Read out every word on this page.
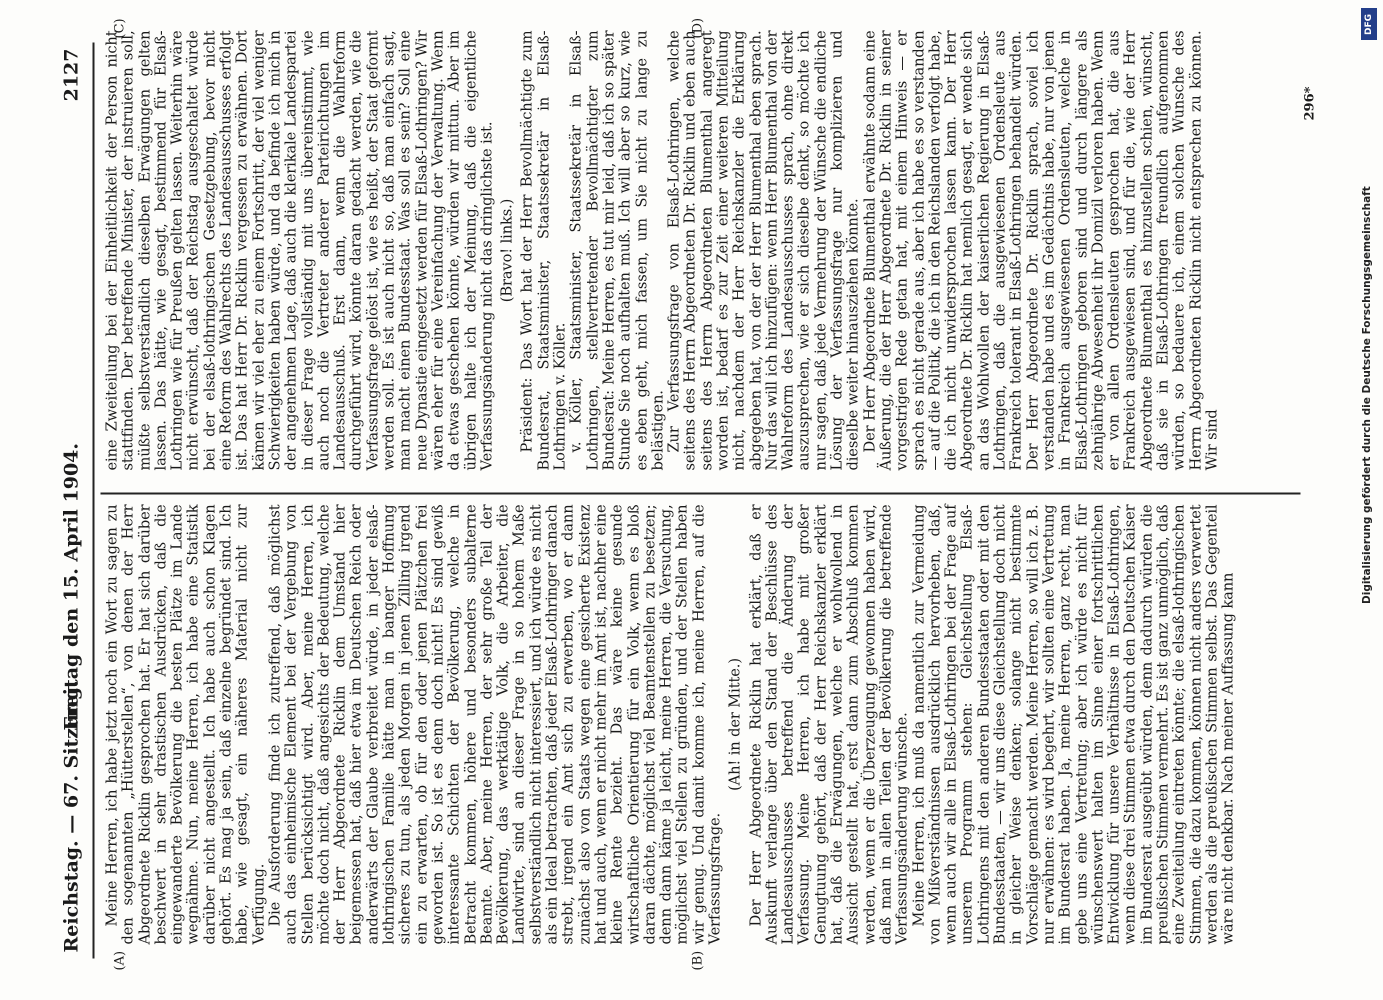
Reichstag. — 67. Sitzung.
Freitag den 15. April 1904.
2127
(A)	(B)
(C)	(D)

Meine Herren, ich habe jetzt noch ein Wort zu sagen zu den sogenannten „Hütterstellen“, von denen der Herr Abgeordnete Ricklin gesprochen hat. Er hat sich darüber beschwert in sehr drastischen Ausdrücken, daß die eingewanderte Bevölkerung die besten Plätze im Lande wegnähme. Nun, meine Herren, ich habe eine Statistik darüber nicht angestellt. Ich habe auch schon Klagen gehört. Es mag ja sein, daß einzelne begründet sind. Ich habe, wie gesagt, ein näheres Material nicht zur Verfügung. Die Ausforderung finde ich zutreffend, daß möglichst auch das einheimische Element bei der Vergebung von Stellen berücksichtigt wird. Aber, meine Herren, ich möchte doch nicht, daß angesichts der Bedeutung, welche der Herr Abgeordnete Ricklin dem Umstand hier beigemessen hat, daß hier etwa im Deutschen Reich oder anderwärts der Glaube verbreitet würde, in jeder elsaß-lothringischen Familie hätte man in banger Hoffnung sicheres zu tun, als jeden Morgen in jenen Zilling irgend ein zu erwarten, ob für den oder jenen Plätzchen frei geworden ist. So ist es denn doch nicht! Es sind gewiß interessante Schichten der Bevölkerung, welche in Betracht kommen, höhere und besonders subalterne Beamte. Aber, meine Herren, der sehr große Teil der Bevölkerung, das werktätige Volk, die Arbeiter, die Landwirte, sind an dieser Frage in so hohem Maße selbstverständlich nicht interessiert, und ich würde es nicht als ein Ideal betrachten, daß jeder Elsaß-Lothringer danach strebt, irgend ein Amt sich zu erwerben, wo er dann zunächst also von Staats wegen eine gesicherte Existenz hat und auch, wenn er nicht mehr im Amt ist, nachher eine kleine Rente bezieht. Das wäre keine gesunde wirtschaftliche Orientierung für ein Volk, wenn es bloß daran dächte, möglichst viel Beamtenstellen zu besetzen; denn dann käme ja leicht, meine Herren, die Versuchung, möglichst viel Stellen zu gründen, und der Stellen haben wir genug. Und damit komme ich, meine Herren, auf die Verfassungsfrage.

(Ah! in der Mitte.) Der Herr Abgeordnete Ricklin hat erklärt, daß er Auskunft verlange über den Stand der Beschlüsse des Landesausschusses betreffend die Änderung der Verfassung. Meine Herren, ich habe mit großer Genugtuung gehört, daß der Herr Reichskanzler erklärt hat, daß die Erwägungen, welche er wohlwollend in Aussicht gestellt hat, erst dann zum Abschluß kommen werden, wenn er die Überzeugung gewonnen haben wird, daß man in allen Teilen der Bevölkerung die betreffende Verfassungsänderung wünsche. Meine Herren, ich muß da namentlich zur Vermeidung von Mißverständnissen ausdrücklich hervorheben, daß, wenn auch wir alle in Elsaß-Lothringen bei der Frage auf unserem Programm stehen: Gleichstellung Elsaß-Lothringens mit den anderen Bundesstaaten oder mit den Bundesstaaten, — wir uns diese Gleichstellung doch nicht in gleicher Weise denken; solange nicht bestimmte Vorschläge gemacht werden. Meine Herren, so will ich z. B. nur erwähnen: es wird begehrt, wir sollten eine Vertretung im Bundesrat haben. Ja, meine Herren, ganz recht, man gebe uns eine Vertretung; aber ich würde es nicht für wünschenswert halten im Sinne einer fortschrittlichen Entwicklung für unsere Verhältnisse in Elsaß-Lothringen, wenn diese drei Stimmen etwa durch den Deutschen Kaiser im Bundesrat ausgeübt würden, denn dadurch würden die preußischen Stimmen vermehrt. Es ist ganz unmöglich, daß eine Zweiteilung eintreten könnte; die elsaß-lothringischen Stimmen, die dazu kommen, können nicht anders verwertet werden als die preußischen Stimmen selbst. Das Gegenteil wäre nicht denkbar. Nach meiner Auffassung kann

eine Zweiteilung bei der Einheitlichkeit der Person nicht stattfinden. Der betreffende Minister, der instruieren soll, müßte selbstverständlich dieselben Erwägungen gelten lassen. Das hätte, wie gesagt, bestimmend für Elsaß-Lothringen wie für Preußen gelten lassen. Weiterhin wäre nicht erwünscht, daß der Reichstag ausgeschaltet würde bei der elsaß-lothringischen Gesetzgebung, bevor nicht eine Reform des Wahlrechts des Landesausschusses erfolgt ist. Das hat Herr Dr. Ricklin vergessen zu erwähnen. Dort kämen wir viel eher zu einem Fortschritt, der viel weniger Schwierigkeiten haben würde, und da befinde ich mich in der angenehmen Lage, daß auch die klerikale Landespartei in dieser Frage vollständig mit uns übereinstimmt, wie auch noch die Vertreter anderer Parteirichtungen im Landesausschuß. Erst dann, wenn die Wahlreform durchgeführt wird, könnte daran gedacht werden, wie die Verfassungsfrage gelöst ist, wie es heißt, der Staat geformt werden soll. Es ist auch nicht so, daß man einfach sagt, man macht einen Bundesstaat. Was soll es sein? Soll eine neue Dynastie eingesetzt werden für Elsaß-Lothringen? Wir wären eher für eine Vereinfachung der Verwaltung. Wenn da etwas geschehen könnte, würden wir mittun. Aber im übrigen halte ich der Meinung, daß die eigentliche Verfassungsänderung nicht das dringlichste ist. (Bravo! links.) Präsident: Das Wort hat der Herr Bevollmächtigte zum Bundesrat, Staatsminister, Staatssekretär in Elsaß-Lothringen v. Köller. v. Köller, Staatsminister, Staatssekretär in Elsaß-Lothringen, stellvertretender Bevollmächtigter zum Bundesrat: Meine Herren, es tut mir leid, daß ich so später Stunde Sie noch aufhalten muß. Ich will aber so kurz, wie es eben geht, mich fassen, um Sie nicht zu lange zu belästigen. Zur Verfassungsfrage von Elsaß-Lothringen, welche seitens des Herrn Abgeordneten Dr. Ricklin und eben auch seitens des Herrn Abgeordneten Blumenthal angeregt worden ist, bedarf es zur Zeit einer weiteren Mitteilung nicht, nachdem der Herr Reichskanzler die Erklärung abgegeben hat, von der der Herr Blumenthal eben sprach. Nur das will ich hinzufügen: wenn Herr Blumenthal von der Wahlreform des Landesausschusses sprach, ohne direkt auszusprechen, wie er sich dieselbe denkt, so möchte ich nur sagen, daß jede Vermehrung der Wünsche die endliche Lösung der Verfassungsfrage nur komplizieren und dieselbe weiter hinausziehen könnte. Der Herr Abgeordnete Blumenthal erwähnte sodann eine Äußerung, die der Herr Abgeordnete Dr. Ricklin in seiner vorgestrigen Rede getan hat, mit einem Hinweis — er sprach es nicht gerade aus, aber ich habe es so verstanden — auf die Politik, die ich in den Reichslanden verfolgt habe, die ich nicht unwidersprochen lassen kann. Der Herr Abgeordnete Dr. Ricklin hat nemlich gesagt, er wende sich an das Wohlwollen der kaiserlichen Regierung in Elsaß-Lothringen, daß die ausgewiesenen Ordensleute aus Frankreich tolerant in Elsaß-Lothringen behandelt würden. Der Herr Abgeordnete Dr. Ricklin sprach, soviel ich verstanden habe und es im Gedächtnis habe, nur von jenen in Frankreich ausgewiesenen Ordensleuten, welche in Elsaß-Lothringen geboren sind und durch längere als zehnjährige Abwesenheit ihr Domizil verloren haben. Wenn er von allen Ordensleuten gesprochen hat, die aus Frankreich ausgewiesen sind, und für die, wie der Herr Abgeordnete Blumenthal es hinzustellen schien, wünscht, daß sie in Elsaß-Lothringen freundlich aufgenommen würden, so bedauere ich, einem solchen Wunsche des Herrn Abgeordneten Ricklin nicht entsprechen zu können. Wir sind

296*
DFG
Digitalisierung gefördert durch die Deutsche Forschungsgemeinschaft
